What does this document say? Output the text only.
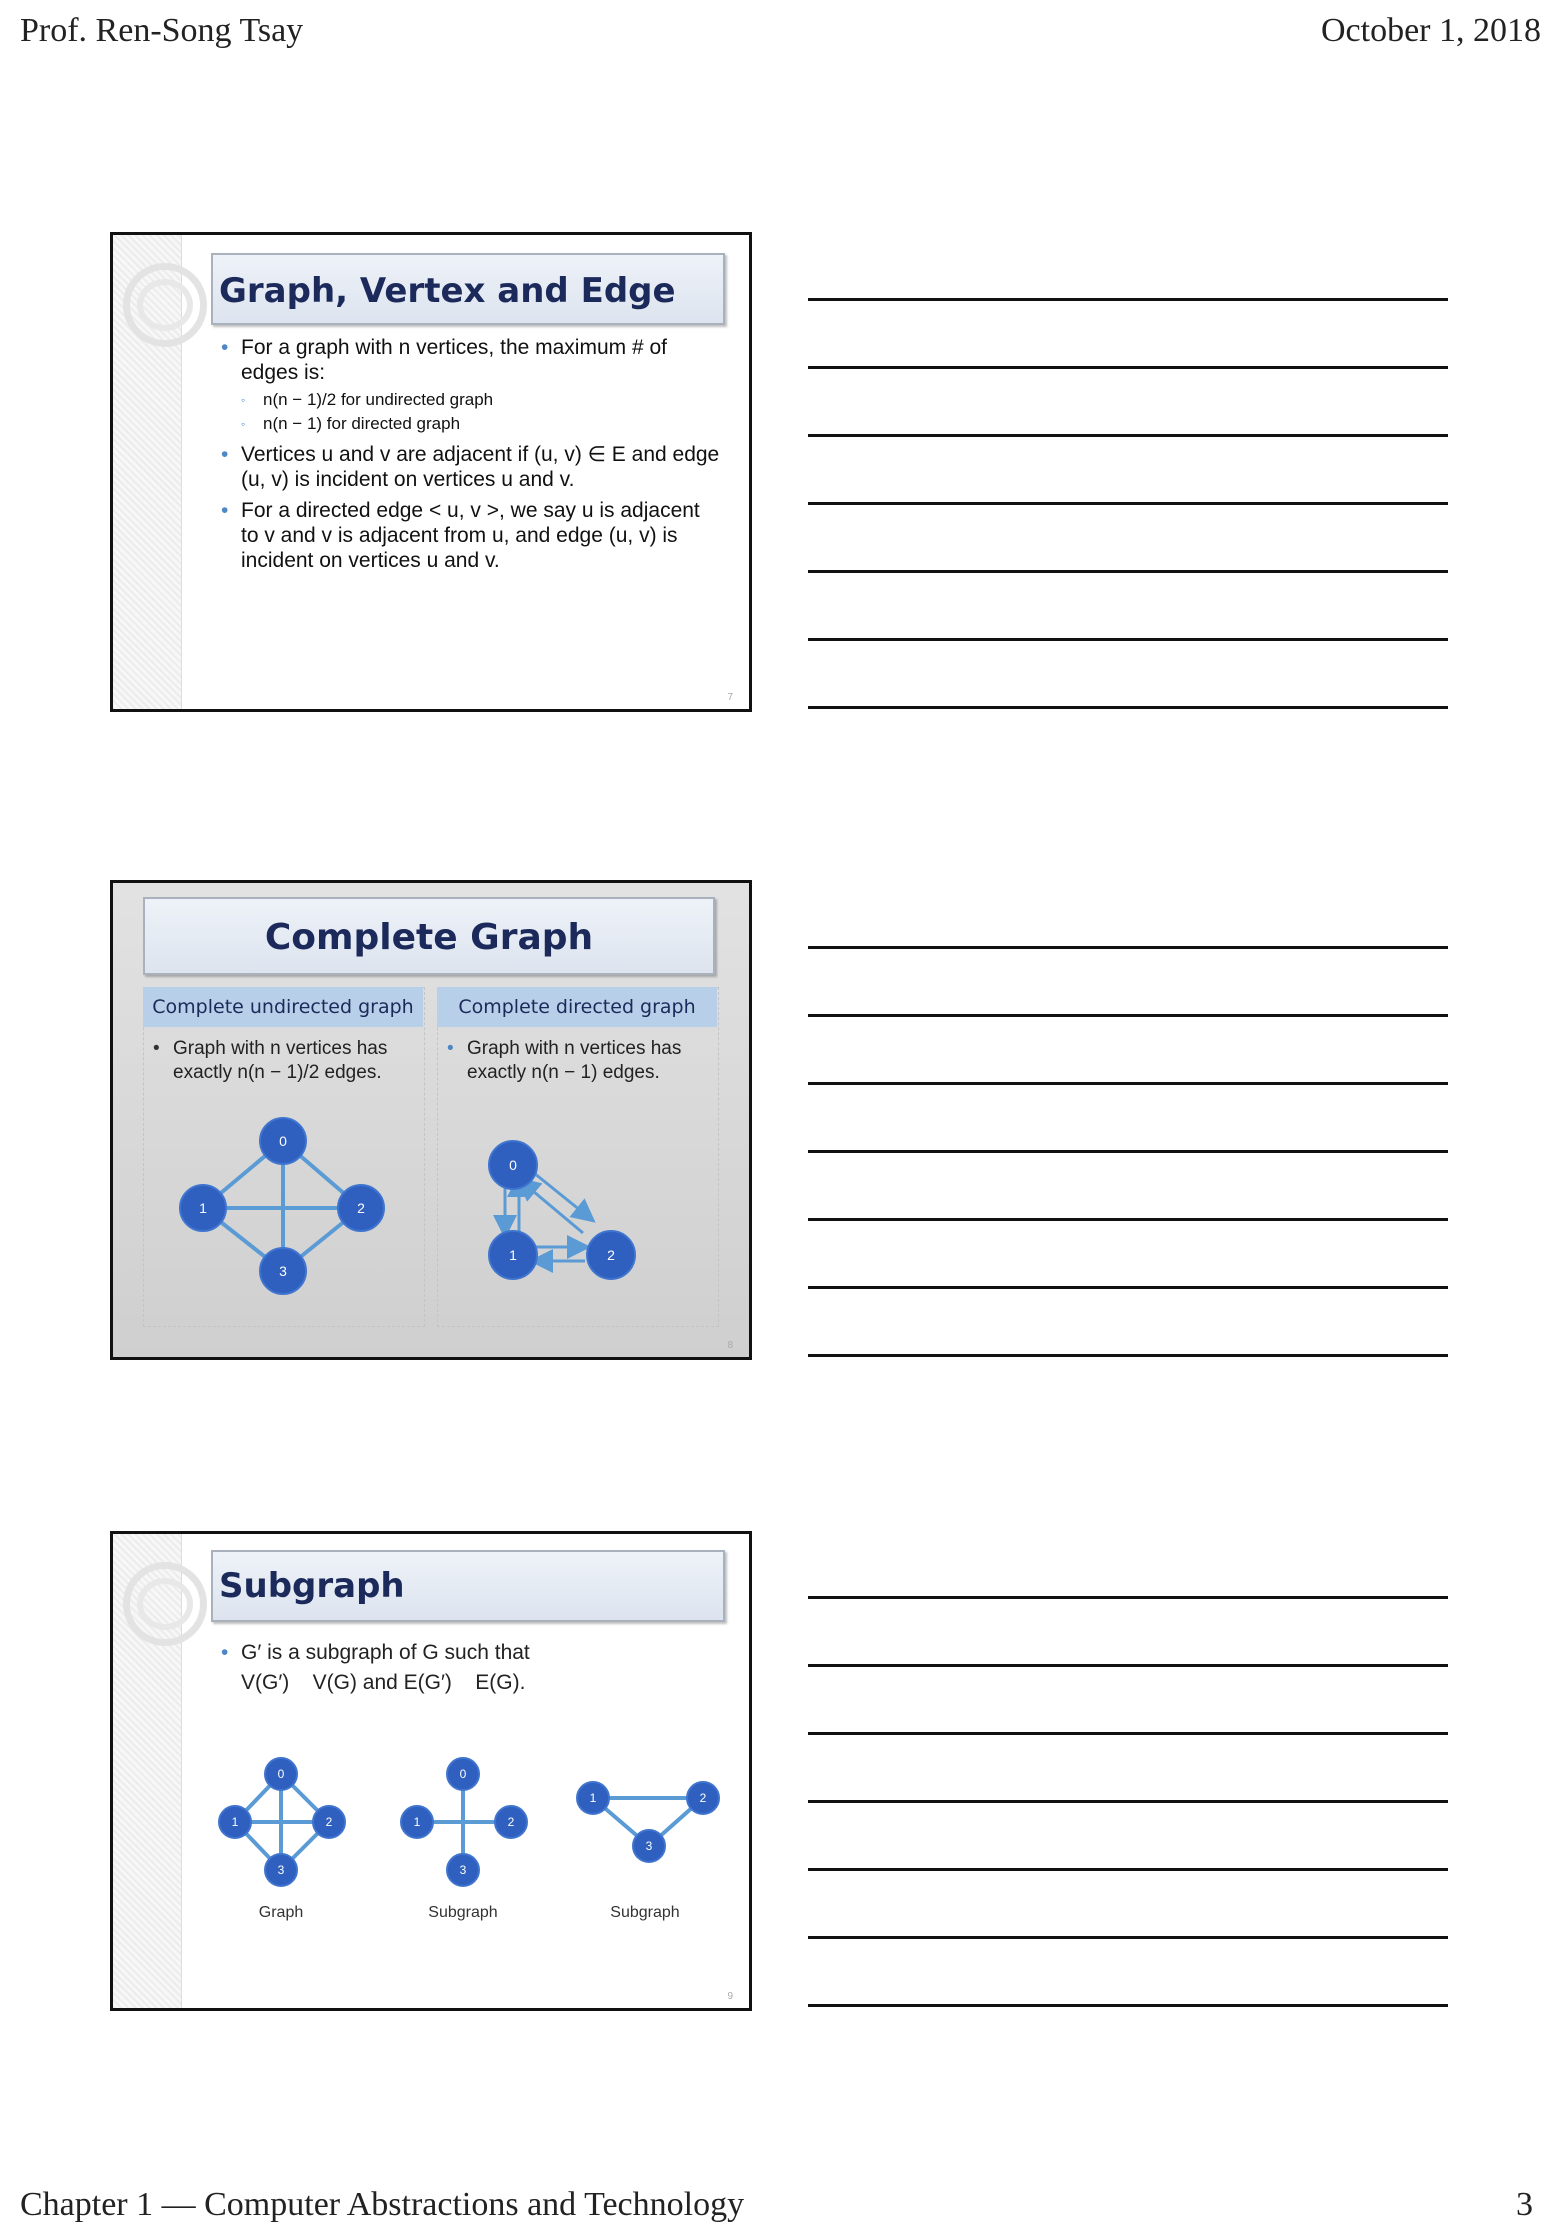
Prof. Ren-Song Tsay	October 1, 2018
Graph, Vertex and Edge
• For a graph with n vertices, the maximum # of edges is:
◦ n(n − 1)/2 for undirected graph
◦ n(n − 1) for directed graph
• Vertices u and v are adjacent if (u, v) ∈ E and edge (u, v) is incident on vertices u and v.
• For a directed edge < u, v >, we say u is adjacent to v and v is adjacent from u, and edge (u, v) is incident on vertices u and v.
7
Complete Graph
Complete undirected graph
• Graph with n vertices has exactly n(n − 1)/2 edges.
Complete directed graph
• Graph with n vertices has exactly n(n − 1) edges.
0
1	2
3
0
1	2
8
Subgraph
• G′ is a subgraph of G such that
V(G′)    V(G) and E(G′)    E(G).
0
1	2
3
Graph
0
1	2
3
Subgraph
1	2
3
Subgraph
9
Chapter 1 — Computer Abstractions and Technology	3
